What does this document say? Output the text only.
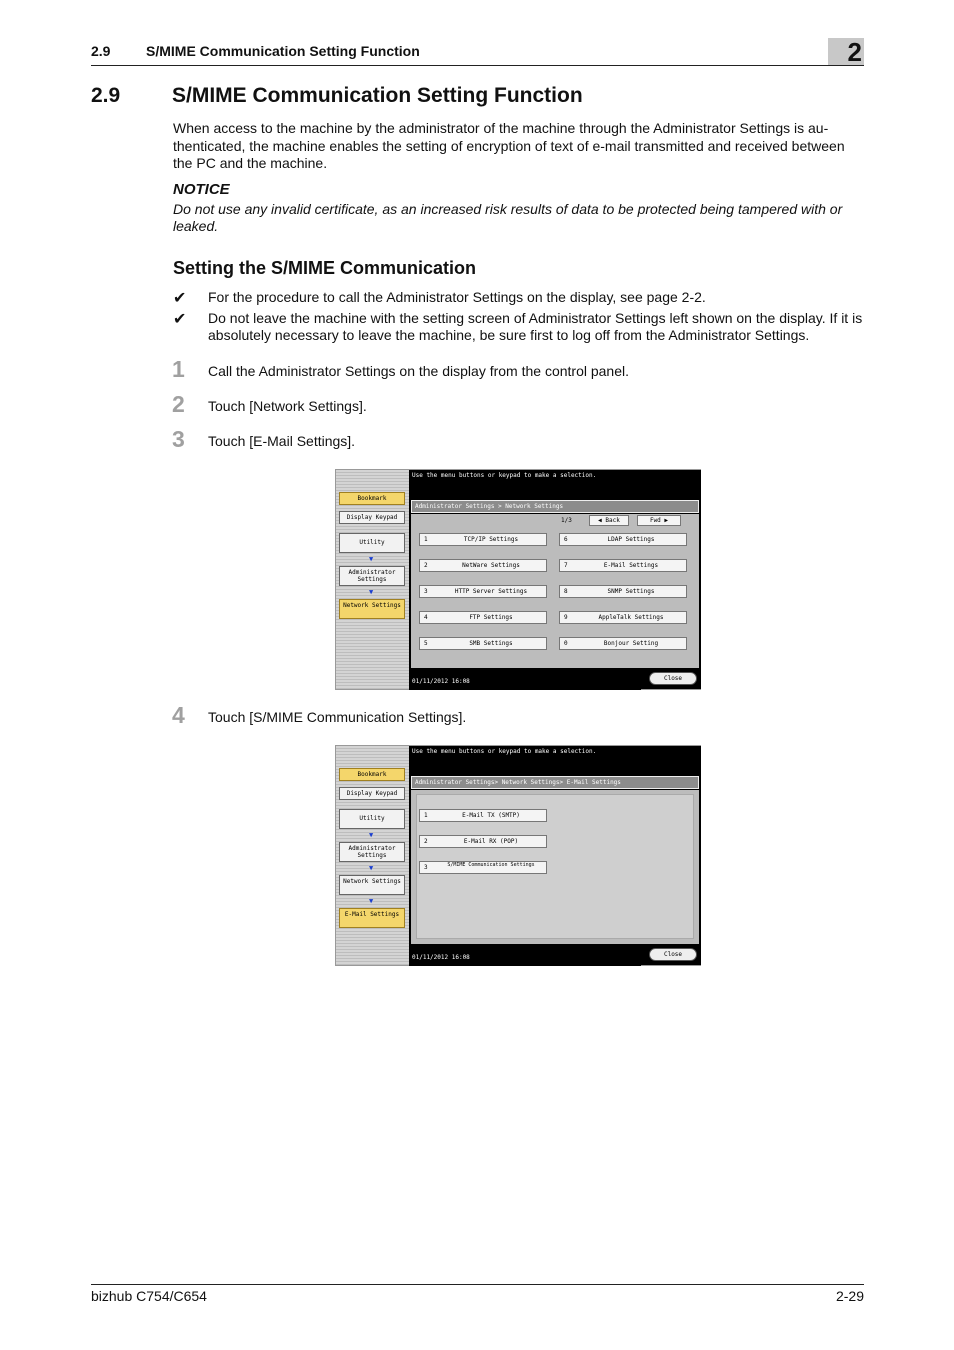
2.9	S/MIME Communication Setting Function	2
2.9 S/MIME Communication Setting Function
When access to the machine by the administrator of the machine through the Administrator Settings is au-thenticated, the machine enables the setting of encryption of text of e-mail transmitted and received between the PC and the machine.
NOTICE
Do not use any invalid certificate, as an increased risk results of data to be protected being tampered with or leaked.
Setting the S/MIME Communication
✔ For the procedure to call the Administrator Settings on the display, see page 2-2.
✔ Do not leave the machine with the setting screen of Administrator Settings left shown on the display. If it is absolutely necessary to leave the machine, be sure first to log off from the Administrator Settings.
1 Call the Administrator Settings on the display from the control panel.
2 Touch [Network Settings].
3 Touch [E-Mail Settings].
Bookmark
Display Keypad
Utility
▼
Administrator Settings
▼
Network Settings
Use the menu buttons or keypad to make a selection.
Administrator Settings > Network Settings
1/3	◀ Back	Fwd ▶
1	TCP/IP Settings
2	NetWare Settings
3	HTTP Server Settings
4	FTP Settings
5	SMB Settings
6	LDAP Settings
7	E-Mail Settings
8	SNMP Settings
9	AppleTalk Settings
0	Bonjour Setting
01/11/2012 16:08	Close
4 Touch [S/MIME Communication Settings].
Bookmark
Display Keypad
Utility
▼
Administrator Settings
▼
Network Settings
▼
E-Mail Settings
Use the menu buttons or keypad to make a selection.
Administrator Settings> Network Settings> E-Mail Settings
1	E-Mail TX (SMTP)
2	E-Mail RX (POP)
3	S/MIME Communication Settings
01/11/2012 16:08	Close
bizhub C754/C654	2-29
